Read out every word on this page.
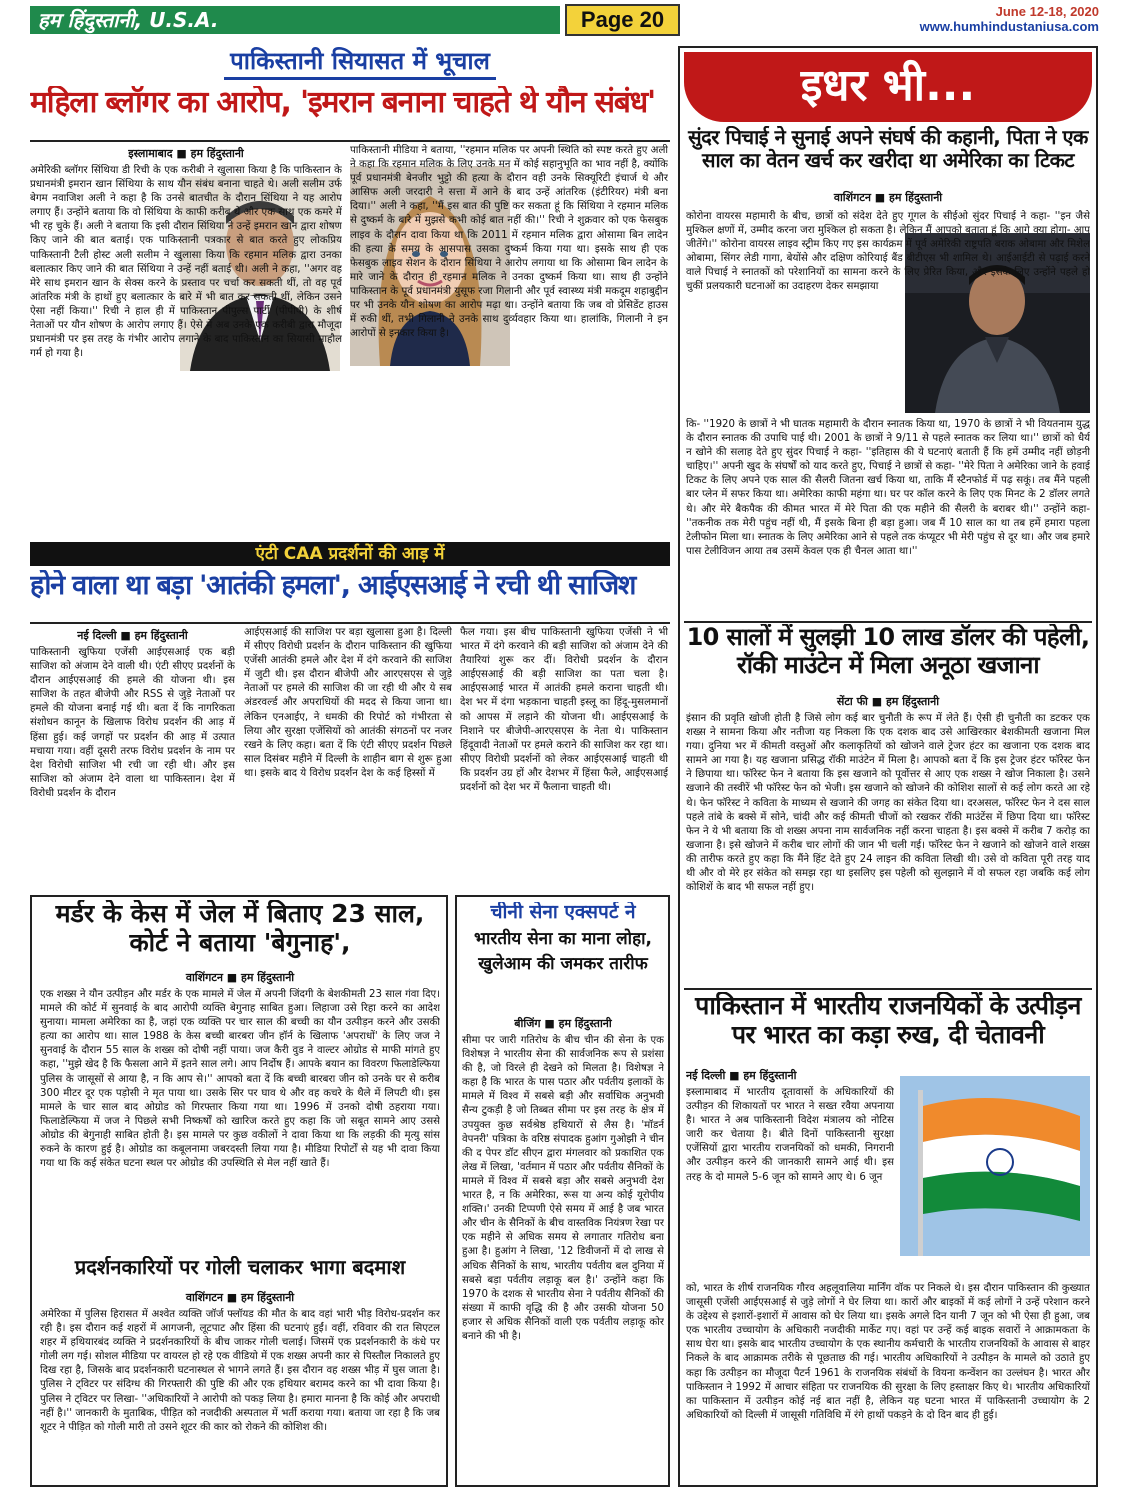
हम हिंदुस्तानी, U.S.A.	Page 20	June 12-18, 2020
www.humhindustaniusa.com
पाकिस्तानी सियासत में भूचाल
महिला ब्लॉगर का आरोप, 'इमरान बनाना चाहते थे यौन संबंध'
इस्लामाबाद ■ हम हिंदुस्तानी
अमेरिकी ब्लॉगर सिंथिया डी रिची के एक करीबी ने खुलासा किया है कि पाकिस्तान के प्रधानमंत्री इमरान खान सिंथिया के साथ यौन संबंध बनाना चाहते थे। अली सलीम उर्फ बेगम नवाजिश अली ने कहा है कि उनसे बातचीत के दौरान सिंथिया ने यह आरोप लगाए हैं। उन्होंने बताया कि वो सिंथिया के काफी करीब थे और एक साथ एक कमरे में भी रह चुके हैं। अली ने बताया कि इसी दौरान सिंथिया ने उन्हें इमरान खान द्वारा शोषण किए जाने की बात बताई। एक पाकिस्तानी पत्रकार से बात करते हुए लोकप्रिय पाकिस्तानी टैली होस्ट अली सलीम ने खुलासा किया कि रहमान मलिक द्वारा उनका बलात्कार किए जाने की बात सिंथिया ने उन्हें नहीं बताई थी। अली ने कहा, ''अगर वह मेरे साथ इमरान खान के सेक्स करने के प्रस्ताव पर चर्चा कर सकती थीं, तो वह पूर्व आंतरिक मंत्री के हाथों हुए बलात्कार के बारे में भी बात कर सकती थीं, लेकिन उसने ऐसा नहीं किया।'' रिची ने हाल ही में पाकिस्तान पीपुल्स पार्टी (पीपीपी) के शीर्ष नेताओं पर यौन शोषण के आरोप लगाए हैं। ऐसे में अब उनके एक करीबी द्वारा मौजूदा प्रधानमंत्री पर इस तरह के गंभीर आरोप लगाने के बाद पाकिस्तान का सियासी माहौल गर्म हो गया है।
पाकिस्तानी मीडिया ने बताया, ''रहमान मलिक पर अपनी स्थिति को स्पष्ट करते हुए अली ने कहा कि रहमान मलिक के लिए उनके मन में कोई सहानुभूति का भाव नहीं है, क्योंकि पूर्व प्रधानमंत्री बेनजीर भुट्टो की हत्या के दौरान वही उनके सिक्यूरिटी इंचार्ज थे और आसिफ अली जरदारी ने सत्ता में आने के बाद उन्हें आंतरिक (इंटीरियर) मंत्री बना दिया।'' अली ने कहा, ''मैं इस बात की पुष्टि कर सकता हूं कि सिंथिया ने रहमान मलिक से दुष्कर्म के बारे में मुझसे कभी कोई बात नहीं की।'' रिची ने शुक्रवार को एक फेसबुक लाइव के दौरान दावा किया था कि 2011 में रहमान मलिक द्वारा ओसामा बिन लादेन की हत्या के समय के आसपास उसका दुष्कर्म किया गया था। इसके साथ ही एक फेसबुक लाइव सेशन के दौरान सिंथिया ने आरोप लगाया था कि ओसामा बिन लादेन के मारे जाने के दौरान ही रहमान मलिक ने उनका दुष्कर्म किया था। साथ ही उन्होंने पाकिस्तान के पूर्व प्रधानमंत्री युसूफ रजा गिलानी और पूर्व स्वास्थ्य मंत्री मकदूम शहाबुद्दीन पर भी उनके यौन शोषण का आरोप मढ़ा था। उन्होंने बताया कि जब वो प्रेसिडेंट हाउस में रुकी थीं, तभी गिलानी ने उनके साथ दुर्व्यवहार किया था। हालांकि, गिलानी ने इन आरोपों से इनकार किया है।
एंटी CAA प्रदर्शनों की आड़ में
होने वाला था बड़ा 'आतंकी हमला', आईएसआई ने रची थी साजिश
नई दिल्ली ■ हम हिंदुस्तानी
पाकिस्तानी खुफिया एजेंसी आईएसआई एक बड़ी साजिश को अंजाम देने वाली थी। एंटी सीएए प्रदर्शनों के दौरान आईएसआई की हमले की योजना थी। इस साजिश के तहत बीजेपी और RSS से जुड़े नेताओं पर हमले की योजना बनाई गई थी। बता दें कि नागरिकता संशोधन कानून के खिलाफ विरोध प्रदर्शन की आड़ में हिंसा हुई। कई जगहों पर प्रदर्शन की आड़ में उत्पात मचाया गया। वहीं दूसरी तरफ विरोध प्रदर्शन के नाम पर देश विरोधी साजिश भी रची जा रही थी। और इस साजिश को अंजाम देने वाला था पाकिस्तान। देश में विरोधी प्रदर्शन के दौरान
आईएसआई की साजिश पर बड़ा खुलासा हुआ है। दिल्ली में सीएए विरोधी प्रदर्शन के दौरान पाकिस्तान की खुफिया एजेंसी आतंकी हमले और देश में दंगे करवाने की साजिश में जुटी थी। इस दौरान बीजेपी और आरएसएस से जुड़े नेताओं पर हमले की साजिश की जा रही थी और ये सब अंडरवर्ल्ड और अपराधियों की मदद से किया जाना था। लेकिन एनआईए, ने धमकी की रिपोर्ट को गंभीरता से लिया और सुरक्षा एजेंसियों को आतंकी संगठनों पर नजर रखने के लिए कहा। बता दें कि एंटी सीएए प्रदर्शन पिछले साल दिसंबर महीने में दिल्ली के शाहीन बाग से शुरू हुआ था। इसके बाद ये विरोध प्रदर्शन देश के कई हिस्सों में
फैल गया। इस बीच पाकिस्तानी खुफिया एजेंसी ने भी भारत में दंगे करवाने की बड़ी साजिश को अंजाम देने की तैयारियां शुरू कर दीं। विरोधी प्रदर्शन के दौरान आईएसआई की बड़ी साजिश का पता चला है। आईएसआई भारत में आतंकी हमले कराना चाहती थी। देश भर में दंगा भड़काना चाहती इस्लू का हिंदू-मुसलमानों को आपस में लड़ाने की योजना थी। आईएसआई के निशाने पर बीजेपी-आरएसएस के नेता थे। पाकिस्तान हिंदूवादी नेताओं पर हमले कराने की साजिश कर रहा था। सीएए विरोधी प्रदर्शनों को लेकर आईएसआई चाहती थी कि प्रदर्शन उग्र हों और देशभर में हिंसा फैले, आईएसआई प्रदर्शनों को देश भर में फैलाना चाहती थी।
मर्डर के केस में जेल में बिताए 23 साल, कोर्ट ने बताया 'बेगुनाह',
वाशिंगटन ■ हम हिंदुस्तानी
एक शख्स ने यौन उत्पीड़न और मर्डर के एक मामले में जेल में अपनी जिंदगी के बेशकीमती 23 साल गंवा दिए। मामले की कोर्ट में सुनवाई के बाद आरोपी व्यक्ति बेगुनाह साबित हुआ। लिहाजा उसे रिहा करने का आदेश सुनाया। मामला अमेरिका का है, जहां एक व्यक्ति पर चार साल की बच्ची का यौन उत्पीड़न करने और उसकी हत्या का आरोप था। साल 1988 के केस बच्ची बारबरा जीन हॉर्न के खिलाफ 'अपराधों' के लिए जज ने सुनवाई के दौरान 55 साल के शख्स को दोषी नहीं पाया। जज कैरी वुड ने वाल्टर ओग्रोड से माफी मांगते हुए कहा, ''मुझे खेद है कि फैसला आने में इतने साल लगे। आप निर्दोष हैं। आपके बयान का विवरण फिलाडेल्फिया पुलिस के जासूसों से आया है, न कि आप से।'' आपको बता दें कि बच्ची बारबरा जीन को उनके घर से करीब 300 मीटर दूर एक पड़ोसी ने मृत पाया था। उसके सिर पर घाव थे और वह कचरे के थैले में लिपटी थी। इस मामले के चार साल बाद ओग्रोड को गिरफ्तार किया गया था। 1996 में उनको दोषी ठहराया गया। फिलाडेल्फिया में जज ने पिछले सभी निष्कर्षों को खारिज करते हुए कहा कि जो सबूत सामने आए उससे ओग्रोड की बेगुनाही साबित होती है। इस मामले पर कुछ वकीलों ने दावा किया था कि लड़की की मृत्यु सांस रुकने के कारण हुई है। ओग्रोड का कबूलनामा जबरदस्ती लिया गया है। मीडिया रिपोर्टों से यह भी दावा किया गया था कि कई संकेत घटना स्थल पर ओग्रोड की उपस्थिति से मेल नहीं खाते हैं।
प्रदर्शनकारियों पर गोली चलाकर भागा बदमाश
वाशिंगटन ■ हम हिंदुस्तानी
अमेरिका में पुलिस हिरासत में अश्वेत व्यक्ति जॉर्ज फ्लॉयड की मौत के बाद वहां भारी भीड़ विरोध-प्रदर्शन कर रही है। इस दौरान कई शहरों में आगजनी, लूटपाट और हिंसा की घटनाएं हुईं। वहीं, रविवार की रात सिएटल शहर में हथियारबंद व्यक्ति ने प्रदर्शनकारियों के बीच जाकर गोली चलाई। जिसमें एक प्रदर्शनकारी के कंधे पर गोली लग गई। सोशल मीडिया पर वायरल हो रहे एक वीडियो में एक शख्स अपनी कार से पिस्तौल निकालते हुए दिख रहा है, जिसके बाद प्रदर्शनकारी घटनास्थल से भागने लगते हैं। इस दौरान वह शख्स भीड़ में घुस जाता है। पुलिस ने ट्विटर पर संदिग्ध की गिरफ्तारी की पुष्टि की और एक हथियार बरामद करने का भी दावा किया है। पुलिस ने ट्विटर पर लिखा- ''अधिकारियों ने आरोपी को पकड़ लिया है। हमारा मानना है कि कोई और अपराधी नहीं है।'' जानकारी के मुताबिक, पीड़ित को नजदीकी अस्पताल में भर्ती कराया गया। बताया जा रहा है कि जब शूटर ने पीड़ित को गोली मारी तो उसने शूटर की कार को रोकने की कोशिश की।
चीनी सेना एक्सपर्ट ने
भारतीय सेना का माना लोहा,
खुलेआम की जमकर तारीफ
बीजिंग ■ हम हिंदुस्तानी
सीमा पर जारी गतिरोध के बीच चीन की सेना के एक विशेषज्ञ ने भारतीय सेना की सार्वजनिक रूप से प्रशंसा की है, जो विरले ही देखने को मिलता है। विशेषज्ञ ने कहा है कि भारत के पास पठार और पर्वतीय इलाकों के मामले में विश्व में सबसे बड़ी और सर्वाधिक अनुभवी सैन्य टुकड़ी है जो तिब्बत सीमा पर इस तरह के क्षेत्र में उपयुक्त कुछ सर्वश्रेष्ठ हथियारों से लैस है। 'मॉडर्न वेपनरी' पत्रिका के वरिष्ठ संपादक हुआंग गुओझी ने चीन की द पेपर डॉट सीएन द्वारा मंगलवार को प्रकाशित एक लेख में लिखा, 'वर्तमान में पठार और पर्वतीय सैनिकों के मामले में विश्व में सबसे बड़ा और सबसे अनुभवी देश भारत है, न कि अमेरिका, रूस या अन्य कोई यूरोपीय शक्ति।' उनकी टिप्पणी ऐसे समय में आई है जब भारत और चीन के सैनिकों के बीच वास्तविक नियंत्रण रेखा पर एक महीने से अधिक समय से लगातार गतिरोध बना हुआ है। हुआंग ने लिखा, '12 डिवीजनों में दो लाख से अधिक सैनिकों के साथ, भारतीय पर्वतीय बल दुनिया में सबसे बड़ा पर्वतीय लड़ाकू बल है।' उन्होंने कहा कि 1970 के दशक से भारतीय सेना ने पर्वतीय सैनिकों की संख्या में काफी वृद्धि की है और उसकी योजना 50 हजार से अधिक सैनिकों वाली एक पर्वतीय लड़ाकू कोर बनाने की भी है।
इधर भी...
सुंदर पिचाई ने सुनाई अपने संघर्ष की कहानी, पिता ने एक साल का वेतन खर्च कर खरीदा था अमेरिका का टिकट
वाशिंगटन ■ हम हिंदुस्तानी
कोरोना वायरस महामारी के बीच, छात्रों को संदेश देते हुए गूगल के सीईओ सुंदर पिचाई ने कहा- ''इन जैसे मुश्किल क्षणों में, उम्मीद करना जरा मुश्किल हो सकता है। लेकिन मैं आपको बताता हूं कि आगे क्या होगा- आप जीतेंगे।'' कोरोना वायरस लाइव स्ट्रीम किए गए इस कार्यक्रम में पूर्व अमेरिकी राष्ट्रपति बराक ओबामा और मिशेल ओबामा, सिंगर लेडी गागा, बेयोंसे और दक्षिण कोरियाई बैंड बीटीएस भी शामिल थे। आईआईटी से पढ़ाई करने वाले पिचाई ने स्नातकों को परेशानियों का सामना करने के लिए प्रेरित किया, और इसके लिए उन्होंने पहले हो चुकीं प्रलयकारी घटनाओं का उदाहरण देकर समझाया
कि- ''1920 के छात्रों ने भी घातक महामारी के दौरान स्नातक किया था, 1970 के छात्रों ने भी वियतनाम युद्ध के दौरान स्नातक की उपाधि पाई थी। 2001 के छात्रों ने 9/11 से पहले स्नातक कर लिया था।'' छात्रों को धैर्य न खोने की सलाह देते हुए सुंदर पिचाई ने कहा- ''इतिहास की ये घटनाएं बताती हैं कि हमें उम्मीद नहीं छोड़नी चाहिए।'' अपनी खुद के संघर्षों को याद करते हुए, पिचाई ने छात्रों से कहा- ''मेरे पिता ने अमेरिका जाने के हवाई टिकट के लिए अपने एक साल की सैलरी जितना खर्च किया था, ताकि मैं स्टैनफोर्ड में पढ़ सकूं। तब मैंने पहली बार प्लेन में सफर किया था। अमेरिका काफी महंगा था। घर पर कॉल करने के लिए एक मिनट के 2 डॉलर लगते थे। और मेरे बैकपैक की कीमत भारत में मेरे पिता की एक महीने की सैलरी के बराबर थी।'' उन्होंने कहा- ''तकनीक तक मेरी पहुंच नहीं थी, मैं इसके बिना ही बड़ा हुआ। जब मैं 10 साल का था तब हमें हमारा पहला टेलीफोन मिला था। स्नातक के लिए अमेरिका आने से पहले तक कंप्यूटर भी मेरी पहुंच से दूर था। और जब हमारे पास टेलीविजन आया तब उसमें केवल एक ही चैनल आता था।''
10 सालों में सुलझी 10 लाख डॉलर की पहेली, रॉकी माउंटेन में मिला अनूठा खजाना
सेंटा फी ■ हम हिंदुस्तानी
इंसान की प्रवृति खोजी होती है जिसे लोग कई बार चुनौती के रूप में लेते हैं। ऐसी ही चुनौती का डटकर एक शख्स ने सामना किया और नतीजा यह निकला कि एक दशक बाद उसे आखिरकार बेशकीमती खजाना मिल गया। दुनिया भर में कीमती वस्तुओं और कलाकृतियों को खोजने वाले ट्रेजर हंटर का खजाना एक दशक बाद सामने आ गया है। यह खजाना प्रसिद्ध रॉकी माउंटेन में मिला है। आपको बता दें कि इस ट्रेजर हंटर फॉरेस्ट फेन ने छिपाया था। फॉरेस्ट फेन ने बताया कि इस खजाने को पूर्वोत्तर से आए एक शख्स ने खोज निकाला है। उसने खजाने की तस्वीरें भी फॉरेस्ट फेन को भेजी। इस खजाने को खोजने की कोशिश सालों से कई लोग करते आ रहे थे। फेन फॉरेस्ट ने कविता के माध्यम से खजाने की जगह का संकेत दिया था। दरअसल, फॉरेस्ट फेन ने दस साल पहले तांबे के बक्से में सोने, चांदी और कई कीमती चीजों को रखकर रॉकी माउंटेंस में छिपा दिया था। फॉरेस्ट फेन ने ये भी बताया कि वो शख्स अपना नाम सार्वजनिक नहीं करना चाहता है। इस बक्से में करीब 7 करोड़ का खजाना है। इसे खोजने में करीब चार लोगों की जान भी चली गई। फॉरेस्ट फेन ने खजाने को खोजने वाले शख्स की तारीफ करते हुए कहा कि मैंने हिंट देते हुए 24 लाइन की कविता लिखी थी। उसे वो कविता पूरी तरह याद थी और वो मेरे हर संकेत को समझ रहा था इसलिए इस पहेली को सुलझाने में वो सफल रहा जबकि कई लोग कोशिशें के बाद भी सफल नहीं हुए।
पाकिस्तान में भारतीय राजनयिकों के उत्पीड़न पर भारत का कड़ा रुख, दी चेतावनी
नई दिल्ली ■ हम हिंदुस्तानी
इस्लामाबाद में भारतीय दूतावासों के अधिकारियों की उत्पीड़न की शिकायतों पर भारत ने सख्त रवैया अपनाया है। भारत ने अब पाकिस्तानी विदेश मंत्रालय को नोटिस जारी कर चेताया है। बीते दिनों पाकिस्तानी सुरक्षा एजेंसियों द्वारा भारतीय राजनयिकों को धमकी, निगरानी और उत्पीड़न करने की जानकारी सामने आई थी। इस तरह के दो मामले 5-6 जून को सामने आए थे। 6 जून
को, भारत के शीर्ष राजनयिक गौरव अहलूवालिया मार्निंग वॉक पर निकले थे। इस दौरान पाकिस्तान की कुख्यात जासूसी एजेंसी आईएसआई से जुड़े लोगों ने घेर लिया था। कारों और बाइकों में कई लोगों ने उन्हें परेशान करने के उद्देश्य से इशारों-इशारों में आवास को घेर लिया था। इसके अगले दिन यानी 7 जून को भी ऐसा ही हुआ, जब एक भारतीय उच्चायोग के अधिकारी नजदीकी मार्केट गए। वहां पर उन्हें कई बाइक सवारों ने आक्रामकता के साथ घेरा था। इसके बाद भारतीय उच्चायोग के एक स्थानीय कर्मचारी के भारतीय राजनयिकों के आवास से बाहर निकले के बाद आक्रामक तरीके से पूछताछ की गई। भारतीय अधिकारियों ने उत्पीड़न के मामले को उठाते हुए कहा कि उत्पीड़न का मौजूदा पैटर्न 1961 के राजनयिक संबंधों के वियना कन्वेंशन का उल्लंघन है। भारत और पाकिस्तान ने 1992 में आचार संहिता पर राजनयिक की सुरक्षा के लिए हस्ताक्षर किए थे। भारतीय अधिकारियों का पाकिस्तान में उत्पीड़न कोई नई बात नहीं है, लेकिन यह घटना भारत में पाकिस्तानी उच्चायोग के 2 अधिकारियों को दिल्ली में जासूसी गतिविधि में रंगे हाथों पकड़ने के दो दिन बाद ही हुई।
